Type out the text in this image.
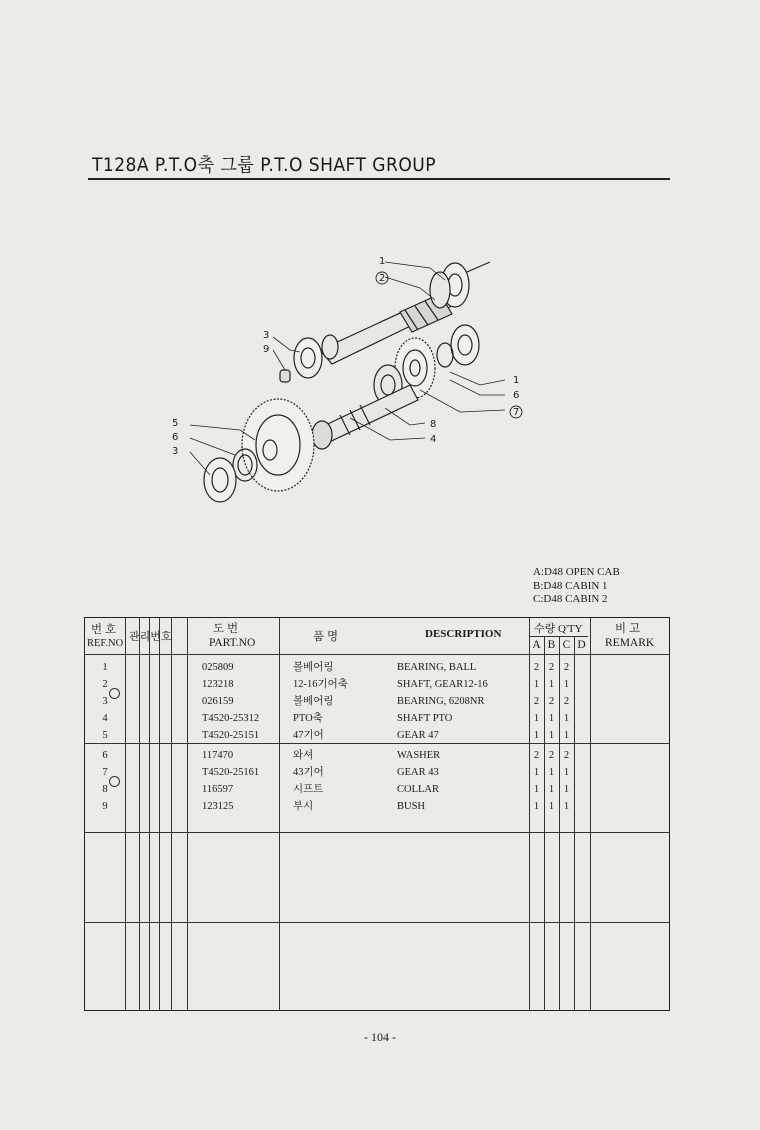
T128A P.T.O축 그룹 P.T.O SHAFT GROUP
1
2
3
9
1
6
7
8
4
5
6
3
A:D48 OPEN CAB
B:D48 CABIN 1
C:D48 CABIN 2
번 호
REF.NO
관리번호
도 번
PART.NO	품 명	DESCRIPTION	수량 Q'TY
A B C D
비 고
REMARK
1	025809	볼베어링	BEARING, BALL	2 2 2
2	123218	12-16기어축	SHAFT, GEAR12-16	1 1 1
3	026159	볼베어링	BEARING, 6208NR	2 2 2
4	T4520-25312	PTO축	SHAFT PTO	1 1 1
5	T4520-25151	47기어	GEAR 47	1 1 1
6	117470	와셔	WASHER	2 2 2
7	T4520-25161	43기어	GEAR 43	1 1 1
8	116597	시프트	COLLAR	1 1 1
9	123125	부시	BUSH	1 1 1
- 104 -
